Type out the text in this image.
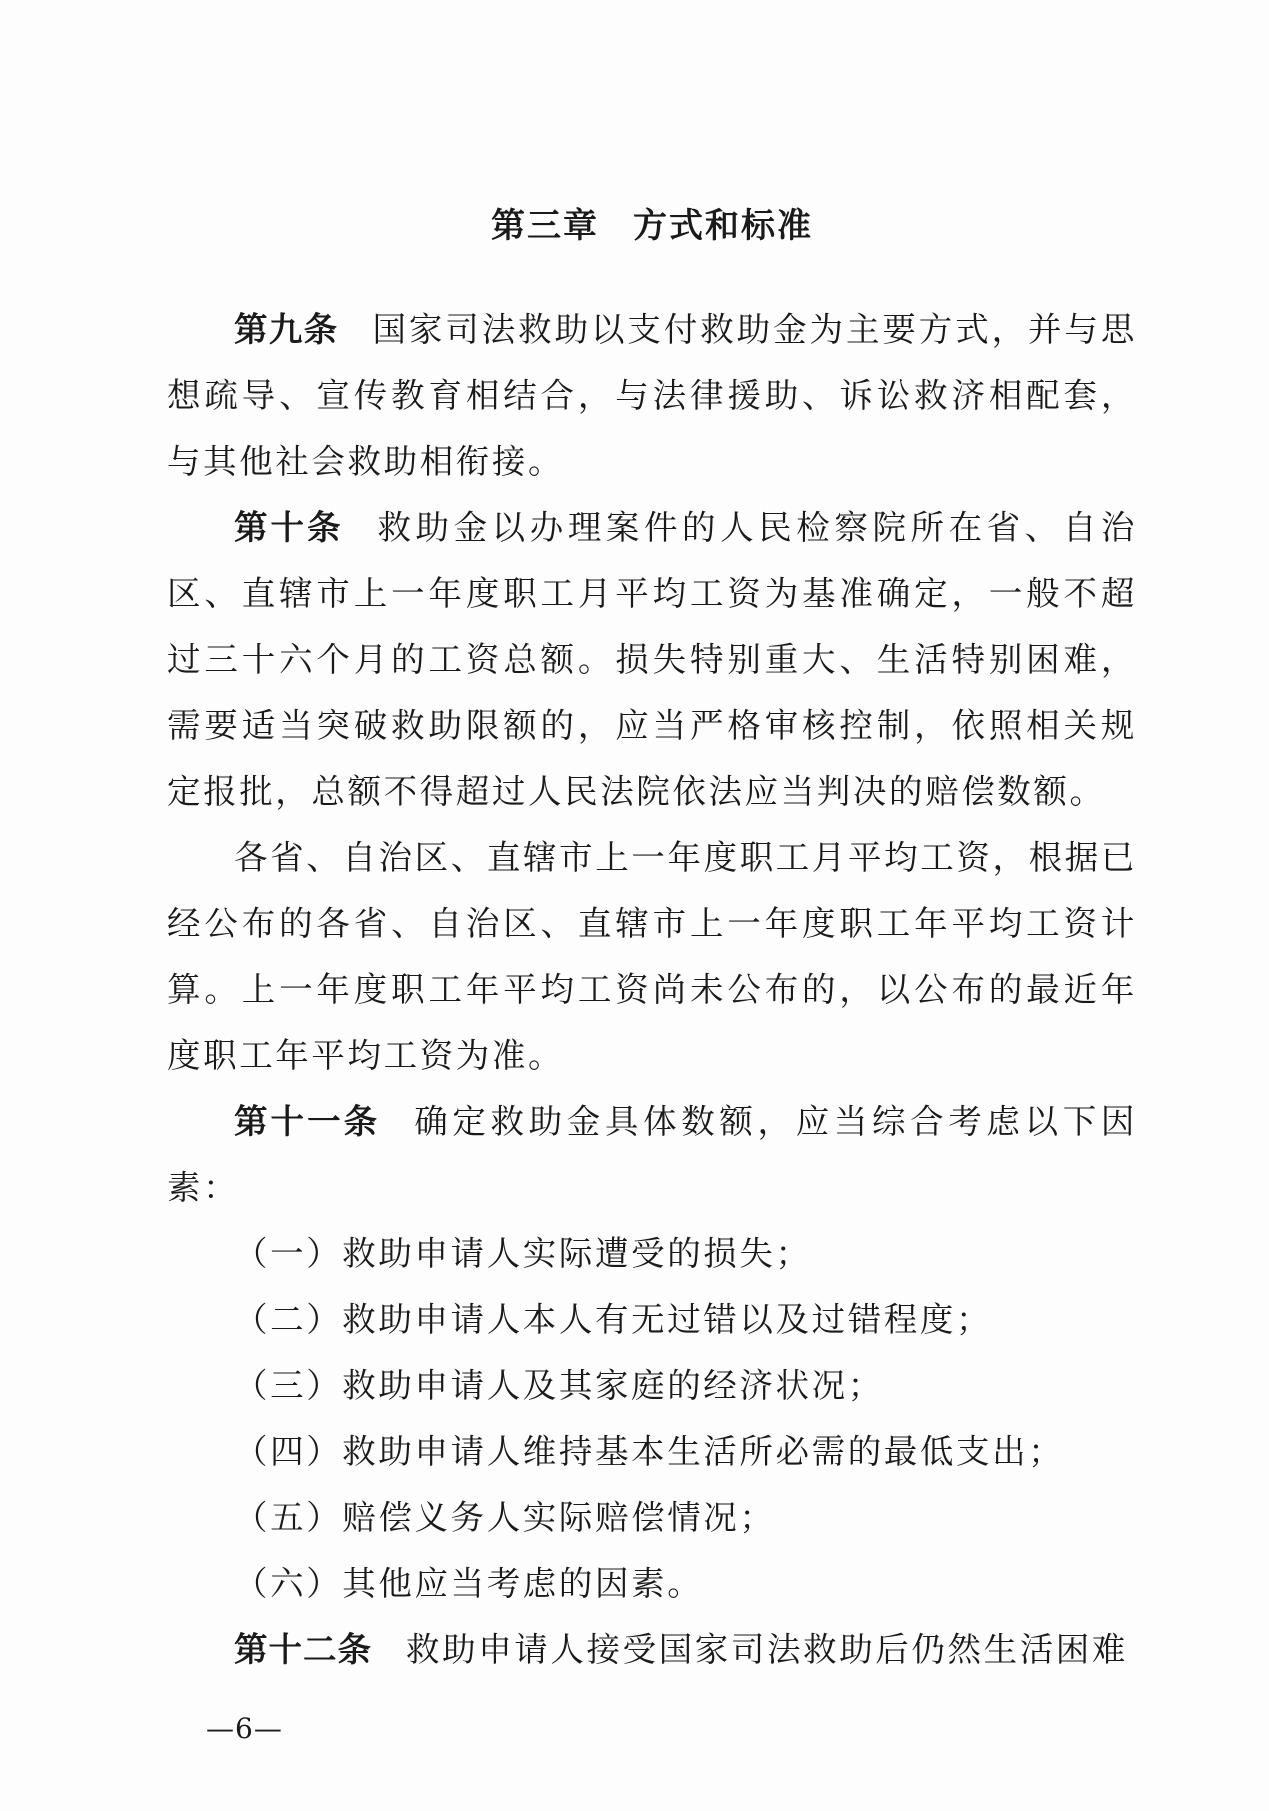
第三章 方式和标准

第九条 国家司法救助以支付救助金为主要方式，并与思想疏导、宣传教育相结合，与法律援助、诉讼救济相配套，与其他社会救助相衔接。

第十条 救助金以办理案件的人民检察院所在省、自治区、直辖市上一年度职工月平均工资为基准确定，一般不超过三十六个月的工资总额。损失特别重大、生活特别困难，需要适当突破救助限额的，应当严格审核控制，依照相关规定报批，总额不得超过人民法院依法应当判决的赔偿数额。

各省、自治区、直辖市上一年度职工月平均工资，根据已经公布的各省、自治区、直辖市上一年度职工年平均工资计算。上一年度职工年平均工资尚未公布的，以公布的最近年度职工年平均工资为准。

第十一条 确定救助金具体数额，应当综合考虑以下因素：

（一）救助申请人实际遭受的损失；

（二）救助申请人本人有无过错以及过错程度；

（三）救助申请人及其家庭的经济状况；

（四）救助申请人维持基本生活所必需的最低支出；

（五）赔偿义务人实际赔偿情况；

（六）其他应当考虑的因素。

第十二条 救助申请人接受国家司法救助后仍然生活困难

—6—
